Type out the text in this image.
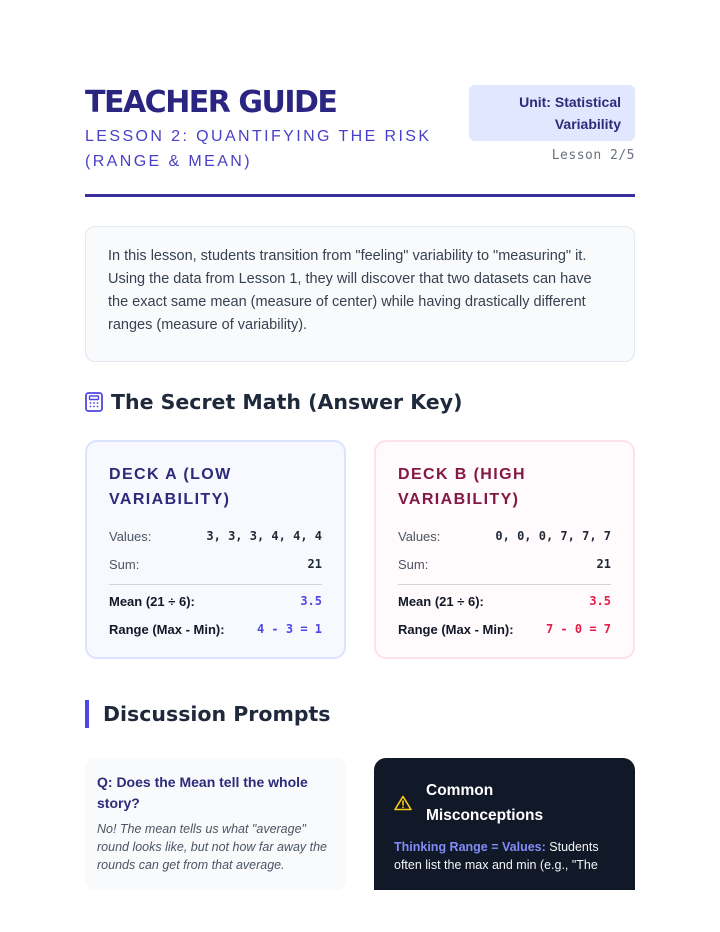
TEACHER GUIDE
LESSON 2: QUANTIFYING THE RISK
(RANGE & MEAN)
Unit: Statistical
Variability
Lesson 2/5
In this lesson, students transition from "feeling" variability to "measuring" it. Using the data from Lesson 1, they will discover that two datasets can have the exact same mean (measure of center) while having drastically different ranges (measure of variability).
The Secret Math (Answer Key)
DECK A (LOW VARIABILITY)
Values:	3, 3, 3, 4, 4, 4
Sum:	21
Mean (21 ÷ 6):	3.5
Range (Max - Min):	4 - 3 = 1
DECK B (HIGH VARIABILITY)
Values:	0, 0, 0, 7, 7, 7
Sum:	21
Mean (21 ÷ 6):	3.5
Range (Max - Min):	7 - 0 = 7
Discussion Prompts
Q: Does the Mean tell the whole story?
No! The mean tells us what "average" round looks like, but not how far away the rounds can get from that average.
Common
Misconceptions
Thinking Range = Values: Students often list the max and min (e.g., "The
